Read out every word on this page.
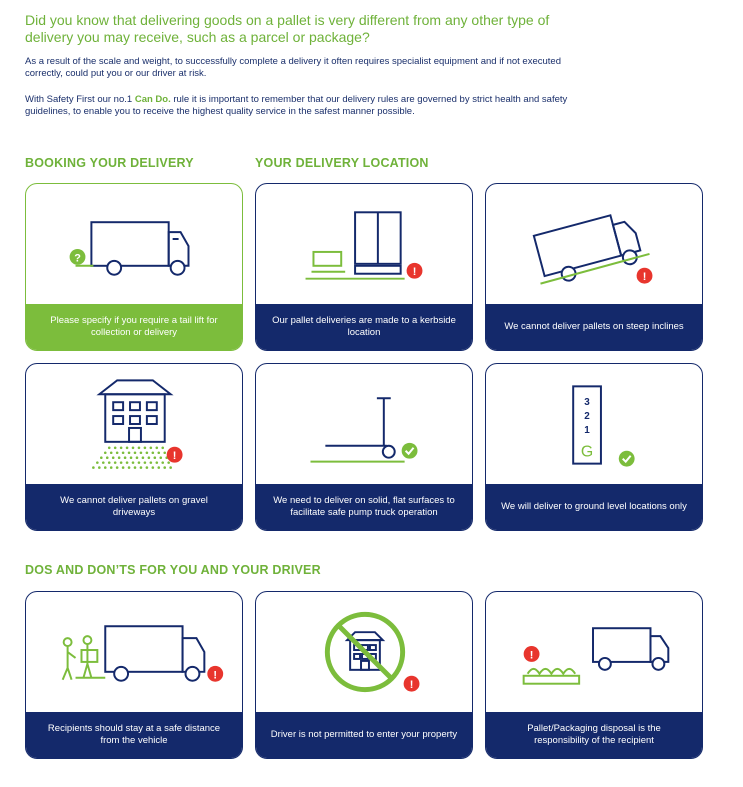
Did you know that delivering goods on a pallet is very different from any other type of delivery you may receive, such as a parcel or package?
As a result of the scale and weight, to successfully complete a delivery it often requires specialist equipment and if not executed correctly, could put you or our driver at risk.
With Safety First our no.1 Can Do. rule it is important to remember that our delivery rules are governed by strict health and safety guidelines, to enable you to receive the highest quality service in the safest manner possible.
BOOKING YOUR DELIVERY	YOUR DELIVERY LOCATION
DOS AND DON’TS FOR YOU AND YOUR DRIVER
?
Please specify if you require a tail lift for collection or delivery
!
Our pallet deliveries are made to a kerbside location
!
We cannot deliver pallets on steep inclines
!
We cannot deliver pallets on gravel driveways
We need to deliver on solid, flat surfaces to facilitate safe pump truck operation
3
2
1
G
We will deliver to ground level locations only
!
Recipients should stay at a safe distance from the vehicle
!
Driver is not permitted to enter your property
!
Pallet/Packaging disposal is the responsibility of the recipient
